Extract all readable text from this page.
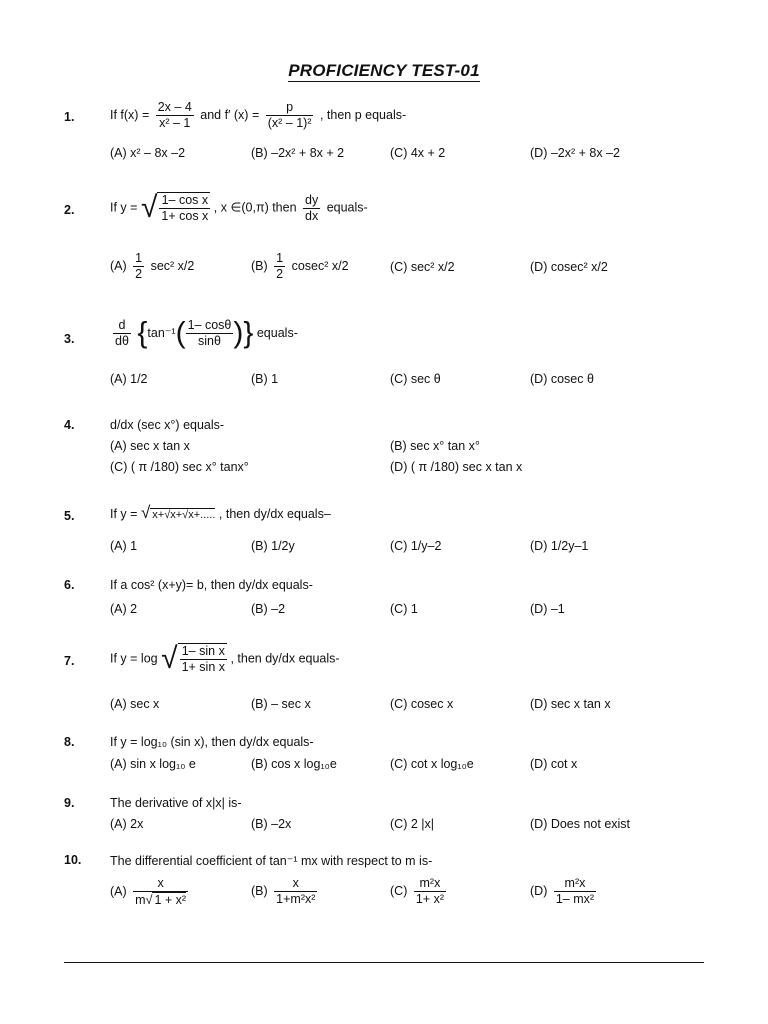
PROFICIENCY TEST-01
1.	If $f(x) = \frac{2x - 4}{\text{x² – 1}}$ and f′ $(x) = \frac{p}{\text{(x² – 1)²}}$ , then p equals-
(A) x² – 8x –2	(B) –2x² + 8x + 2	(C) 4x + 2	(D) –2x² + 8x –2
2.	If y = √ $\frac{\text{1– cos x}}{\text{1+ cos x}}$ , x ∈(0,π) then $\frac{dy}{dx}$ equals-
$(A) \frac{1}{2} \sec^2$ x/2	$(B) \frac{1}{2} cosec^2$ x/2	(C) sec² x/2	(D) cosec² x/2
3.	$\frac{d}{d\theta} \{\tan^{-1}( \frac{1- \cos\theta}{\sin\theta}$ )} equals-
(A) 1/2	(B) 1	(C) sec θ	(D) cosec θ
4.	d/dx (sec x°) equals-
(A) sec x tan x	(B) sec x° tan x°
(C) ( π /180) sec x° tanx°	(D) ( π /180) sec x tan x
5.	If y = √ x+√x+√x+..... , then dy/dx equals–
(A) 1	(B) 1/2y	(C) 1/y–2	(D) 1/2y–1
6.	If a cos² (x+y)= b, then dy/dx equals-
(A) 2	(B) –2	(C) 1	(D) –1
7.	If y = log √ $\frac{\text{1– sin x}}{\text{1+ sin x}}$ , then dy/dx equals-
(A) sec x	(B) – sec x	(C) cosec x	(D) sec x tan x
8.	If y = log₁₀ (sin x), then dy/dx equals-
(A) sin x log₁₀ e	(B) cos x log₁₀e	(C) cot x log₁₀e	(D) cot x
9.	The derivative of x|x| is-
(A) 2x	(B) –2x	(C) 2 |x|	(D) Does not exist
10. The differential coefficient of tan⁻¹ mx with respect to m is-
$(A) \frac{x}{\text{m√ 1 + x²}}$	$(B) \frac{x}{\text{1+m²x²}}$	$(C) \frac{\text{m²x}}{\text{1+ x²}}$	$(D) \frac{\text{m²x}}{\text{1– mx²}}$
